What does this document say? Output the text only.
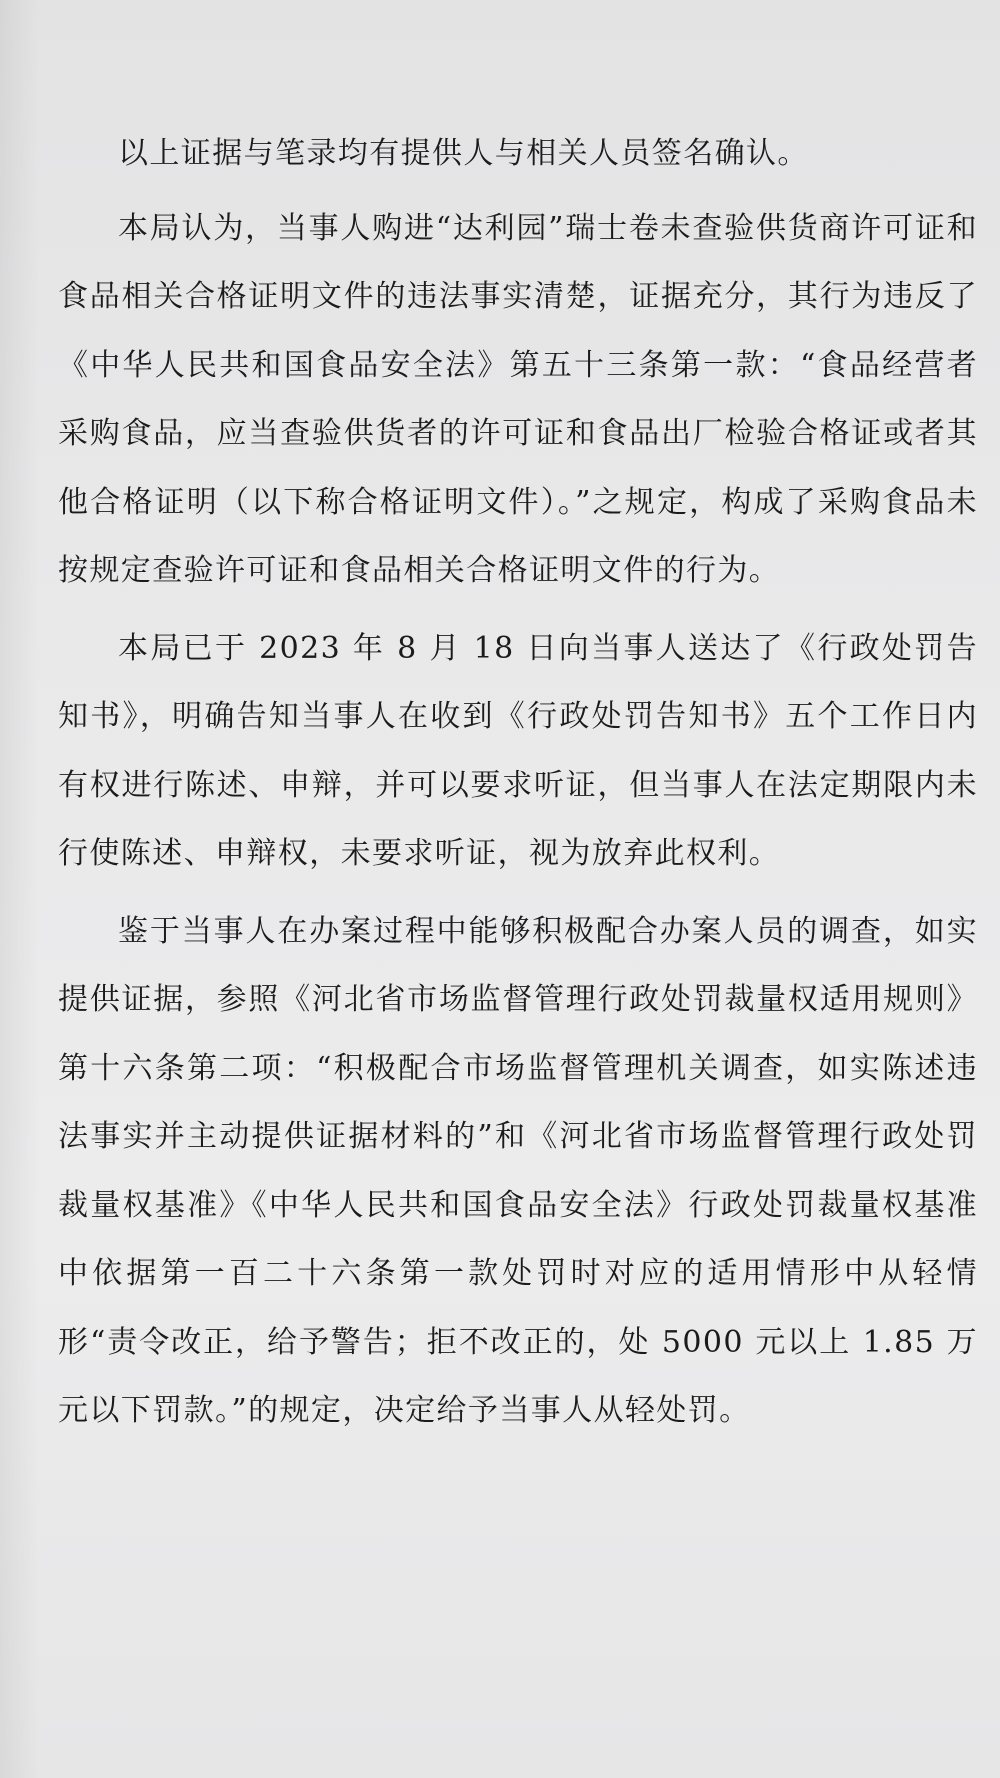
以上证据与笔录均有提供人与相关人员签名确认。

本局认为，当事人购进“达利园”瑞士卷未查验供货商许可证和食品相关合格证明文件的违法事实清楚，证据充分，其行为违反了《中华人民共和国食品安全法》第五十三条第一款：“食品经营者采购食品，应当查验供货者的许可证和食品出厂检验合格证或者其他合格证明（以下称合格证明文件）。”之规定，构成了采购食品未按规定查验许可证和食品相关合格证明文件的行为。

本局已于 2023 年 8 月 18 日向当事人送达了《行政处罚告知书》，明确告知当事人在收到《行政处罚告知书》五个工作日内有权进行陈述、申辩，并可以要求听证，但当事人在法定期限内未行使陈述、申辩权，未要求听证，视为放弃此权利。

鉴于当事人在办案过程中能够积极配合办案人员的调查，如实提供证据，参照《河北省市场监督管理行政处罚裁量权适用规则》第十六条第二项：“积极配合市场监督管理机关调查，如实陈述违法事实并主动提供证据材料的”和《河北省市场监督管理行政处罚裁量权基准》《中华人民共和国食品安全法》行政处罚裁量权基准中依据第一百二十六条第一款处罚时对应的适用情形中从轻情形“责令改正，给予警告；拒不改正的，处 5000 元以上 1.85 万元以下罚款。”的规定，决定给予当事人从轻处罚。
